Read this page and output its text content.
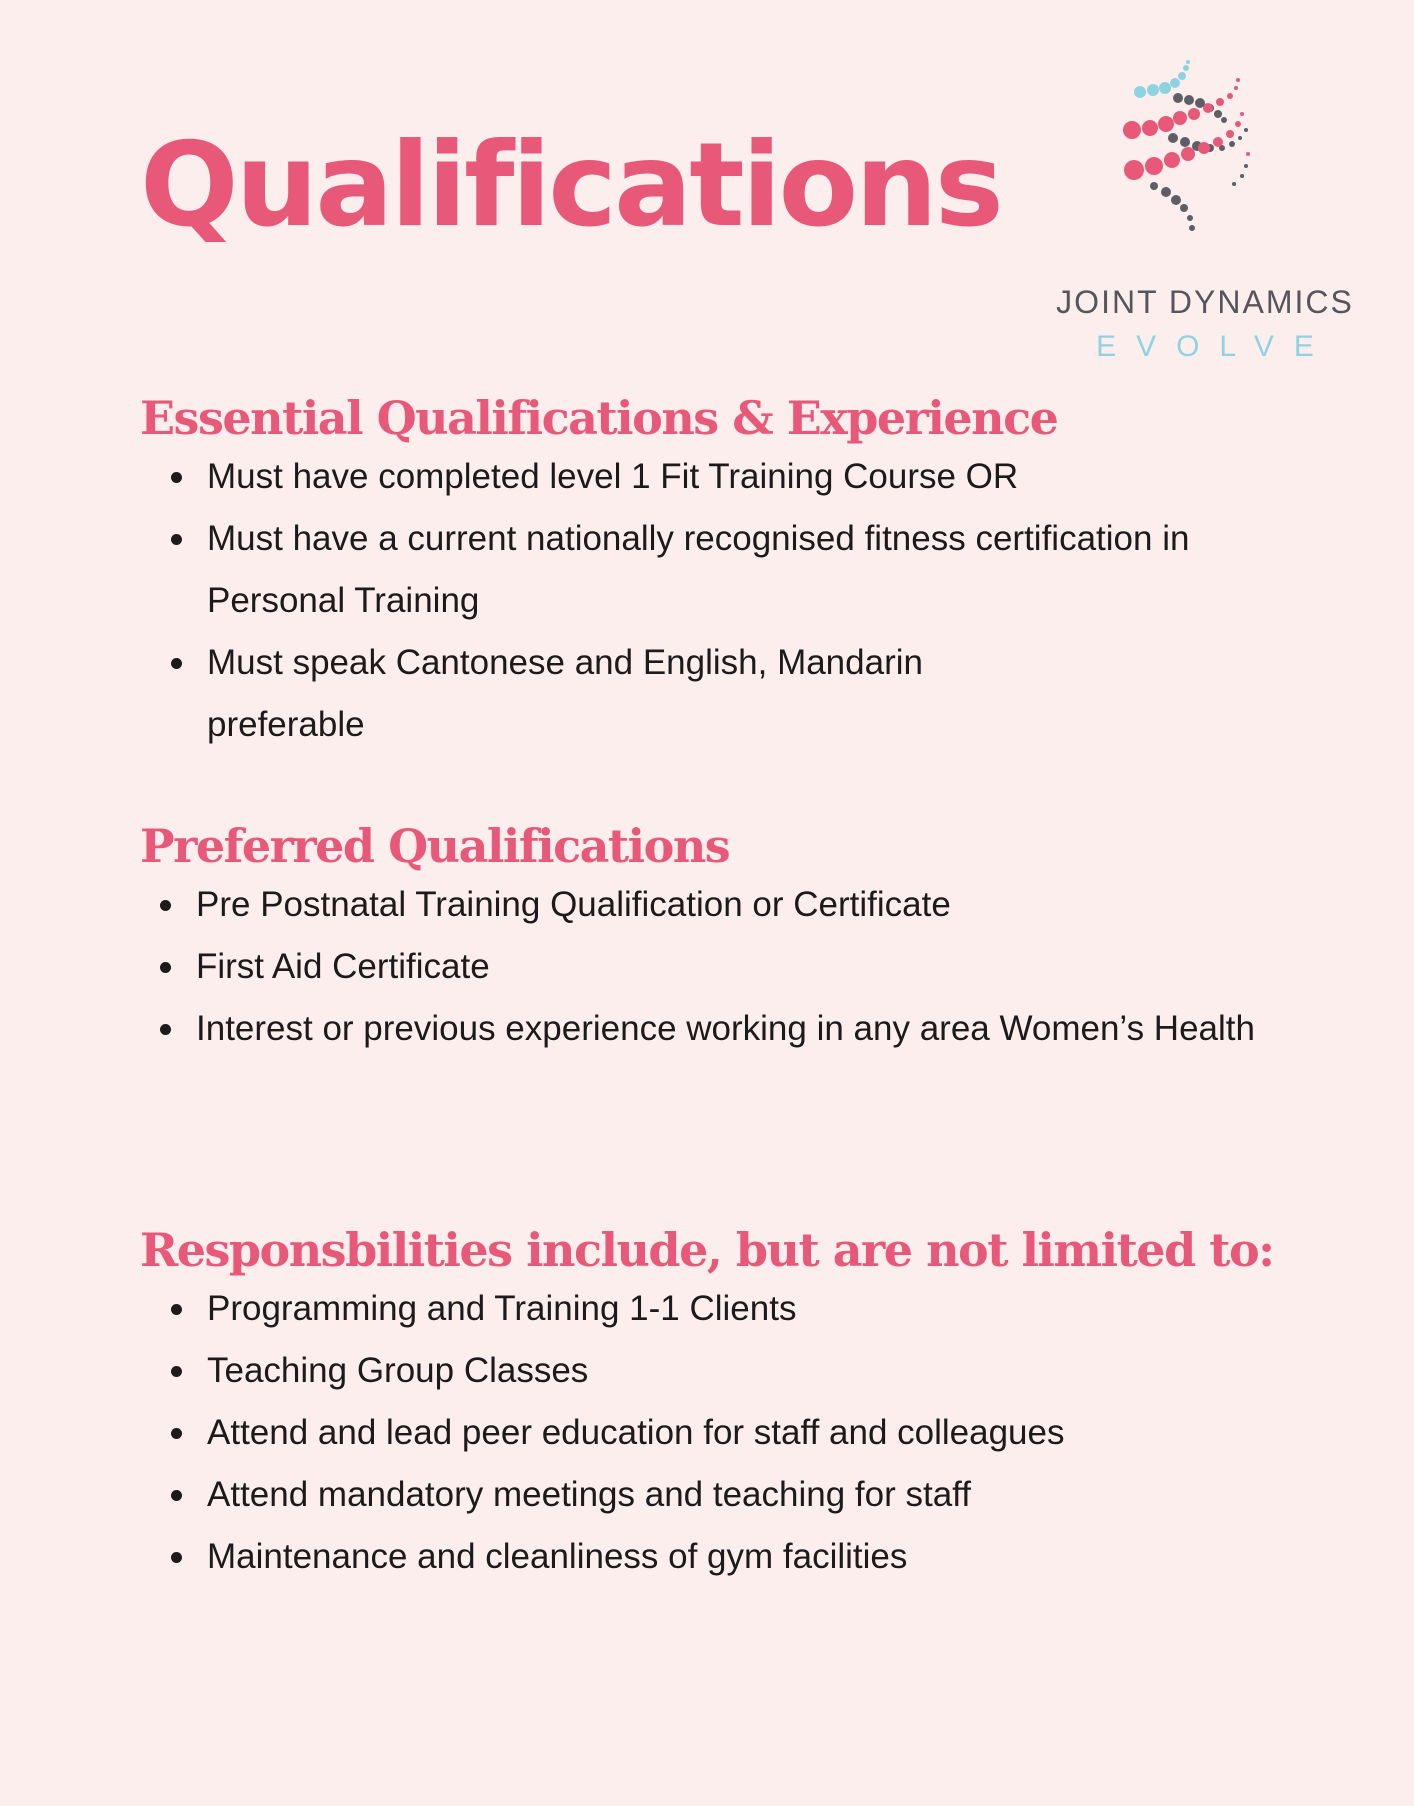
Qualifications
JOINT DYNAMICS
EVOLVE
Essential Qualifications & Experience
Must have completed level 1 Fit Training Course OR
Must have a current nationally recognised fitness certification in Personal Training
Must speak Cantonese and English, Mandarin preferable
Preferred Qualifications
Pre Postnatal Training Qualification or Certificate
First Aid Certificate
Interest or previous experience working in any area Women’s Health
Responsbilities include, but are not limited to:
Programming and Training 1-1 Clients
Teaching Group Classes
Attend and lead peer education for staff and colleagues
Attend mandatory meetings and teaching for staff
Maintenance and cleanliness of gym facilities
